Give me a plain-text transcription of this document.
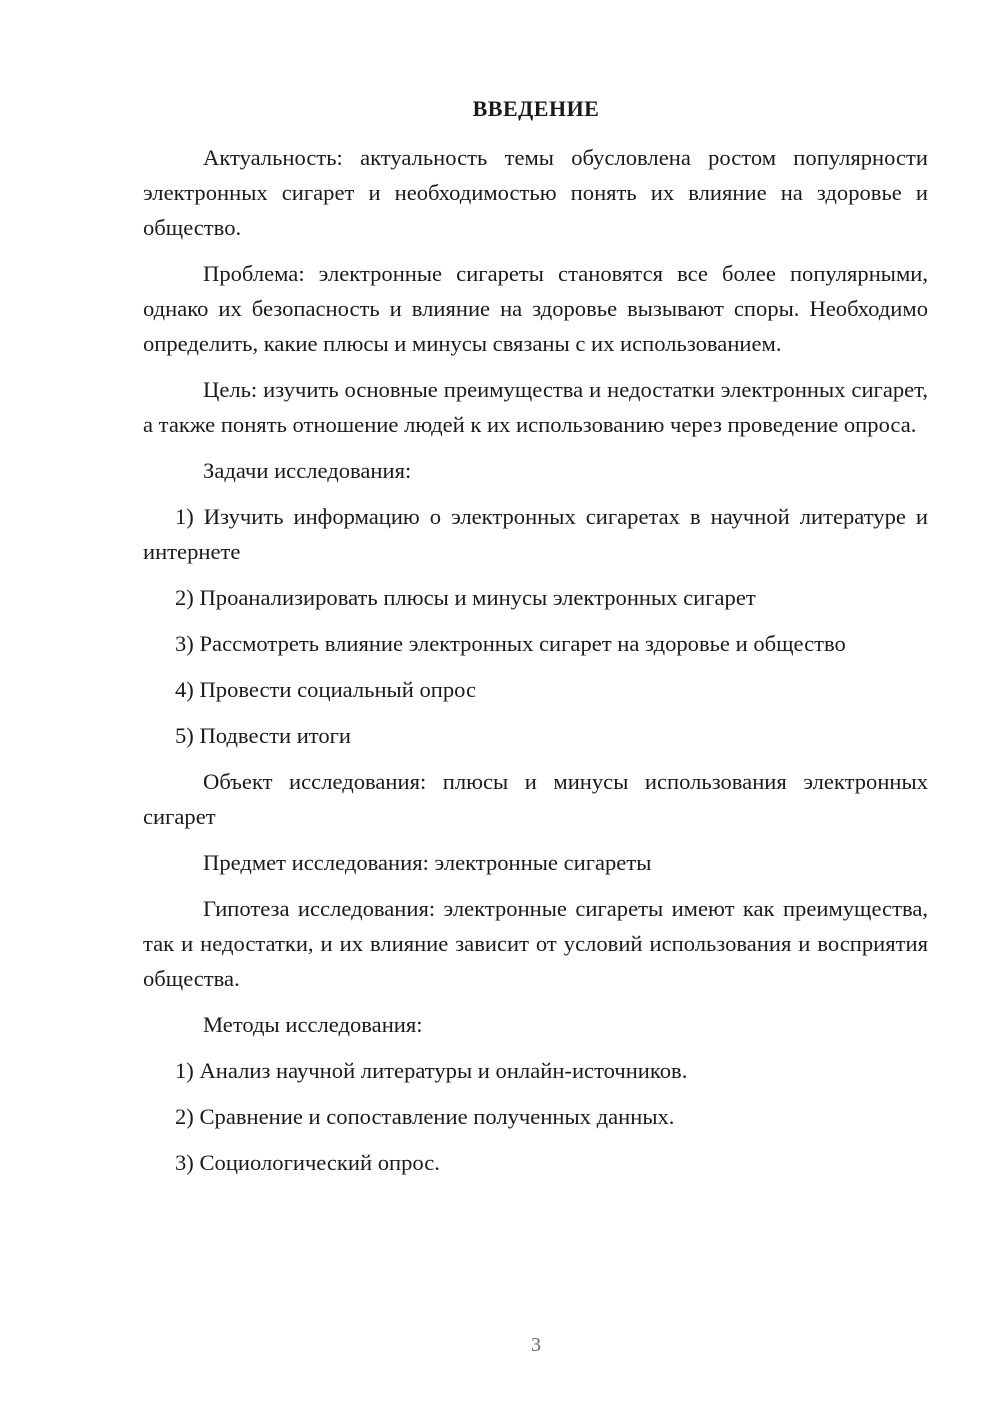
ВВЕДЕНИЕ

Актуальность: актуальность темы обусловлена ростом популярности электронных сигарет и необходимостью понять их влияние на здоровье и общество.

Проблема: электронные сигареты становятся все более популярными, однако их безопасность и влияние на здоровье вызывают споры. Необходимо определить, какие плюсы и минусы связаны с их использованием.

Цель: изучить основные преимущества и недостатки электронных сигарет, а также понять отношение людей к их использованию через проведение опроса.

Задачи исследования:

1) Изучить информацию о электронных сигаретах в научной литературе и интернете

2) Проанализировать плюсы и минусы электронных сигарет

3) Рассмотреть влияние электронных сигарет на здоровье и общество

4) Провести социальный опрос

5) Подвести итоги

Объект исследования: плюсы и минусы использования электронных сигарет

Предмет исследования: электронные сигареты

Гипотеза исследования: электронные сигареты имеют как преимущества, так и недостатки, и их влияние зависит от условий использования и восприятия общества.

Методы исследования:

1) Анализ научной литературы и онлайн-источников.

2) Сравнение и сопоставление полученных данных.

3) Социологический опрос.

3
